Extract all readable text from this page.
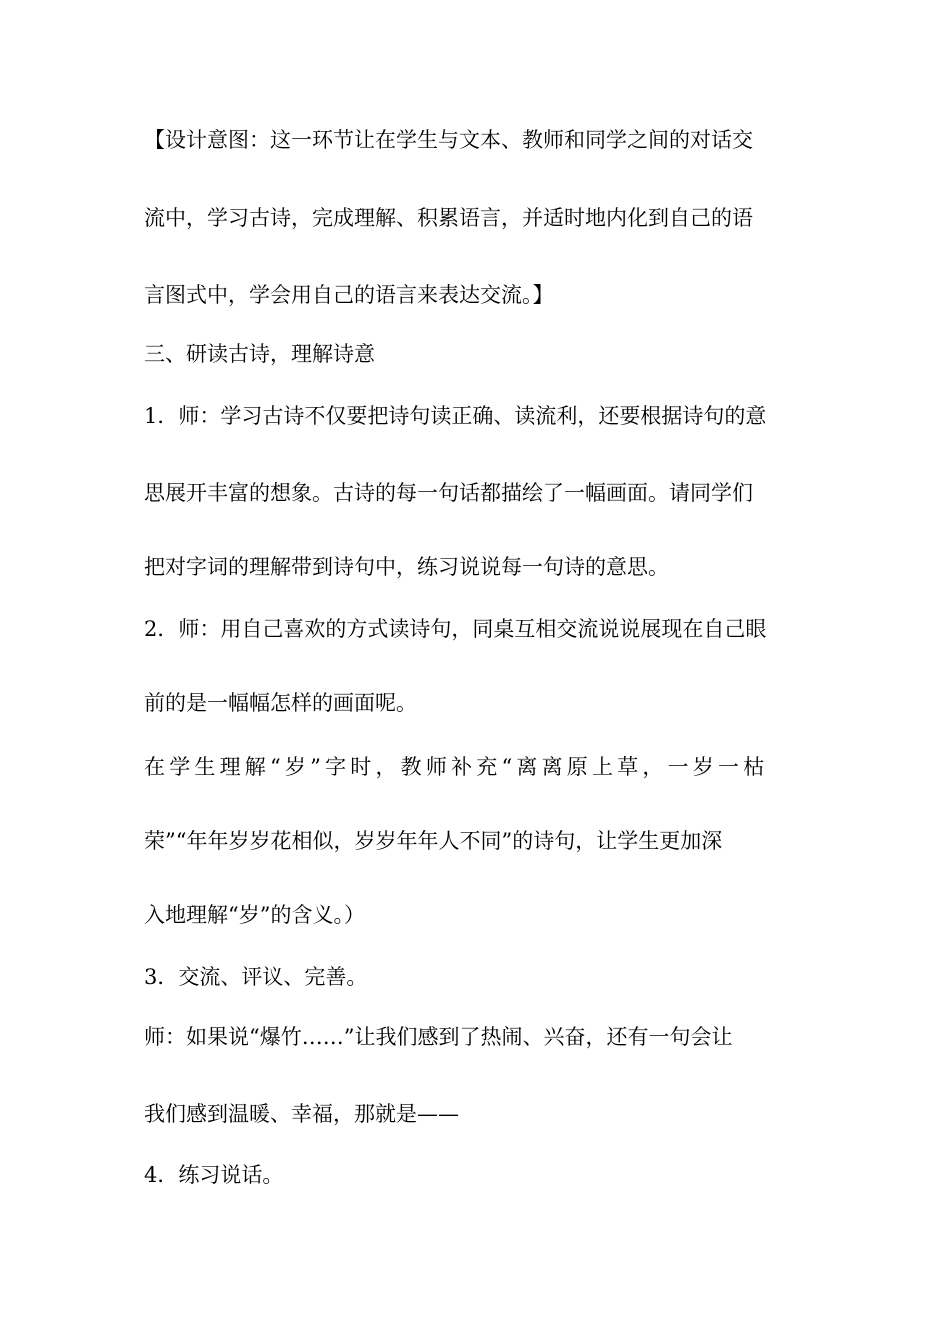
【设计意图：这一环节让在学生与文本、教师和同学之间的对话交
流中，学习古诗，完成理解、积累语言，并适时地内化到自己的语
言图式中，学会用自己的语言来表达交流。】
三、研读古诗，理解诗意
1．师：学习古诗不仅要把诗句读正确、读流利，还要根据诗句的意
思展开丰富的想象。古诗的每一句话都描绘了一幅画面。请同学们
把对字词的理解带到诗句中，练习说说每一句诗的意思。
2．师：用自己喜欢的方式读诗句，同桌互相交流说说展现在自己眼
前的是一幅幅怎样的画面呢。
在学生理解“岁”字时，教师补充“离离原上草，一岁一枯
荣”“年年岁岁花相似，岁岁年年人不同”的诗句，让学生更加深
入地理解“岁”的含义。）
3．交流、评议、完善。
师：如果说“爆竹……”让我们感到了热闹、兴奋，还有一句会让
我们感到温暖、幸福，那就是——
4．练习说话。
